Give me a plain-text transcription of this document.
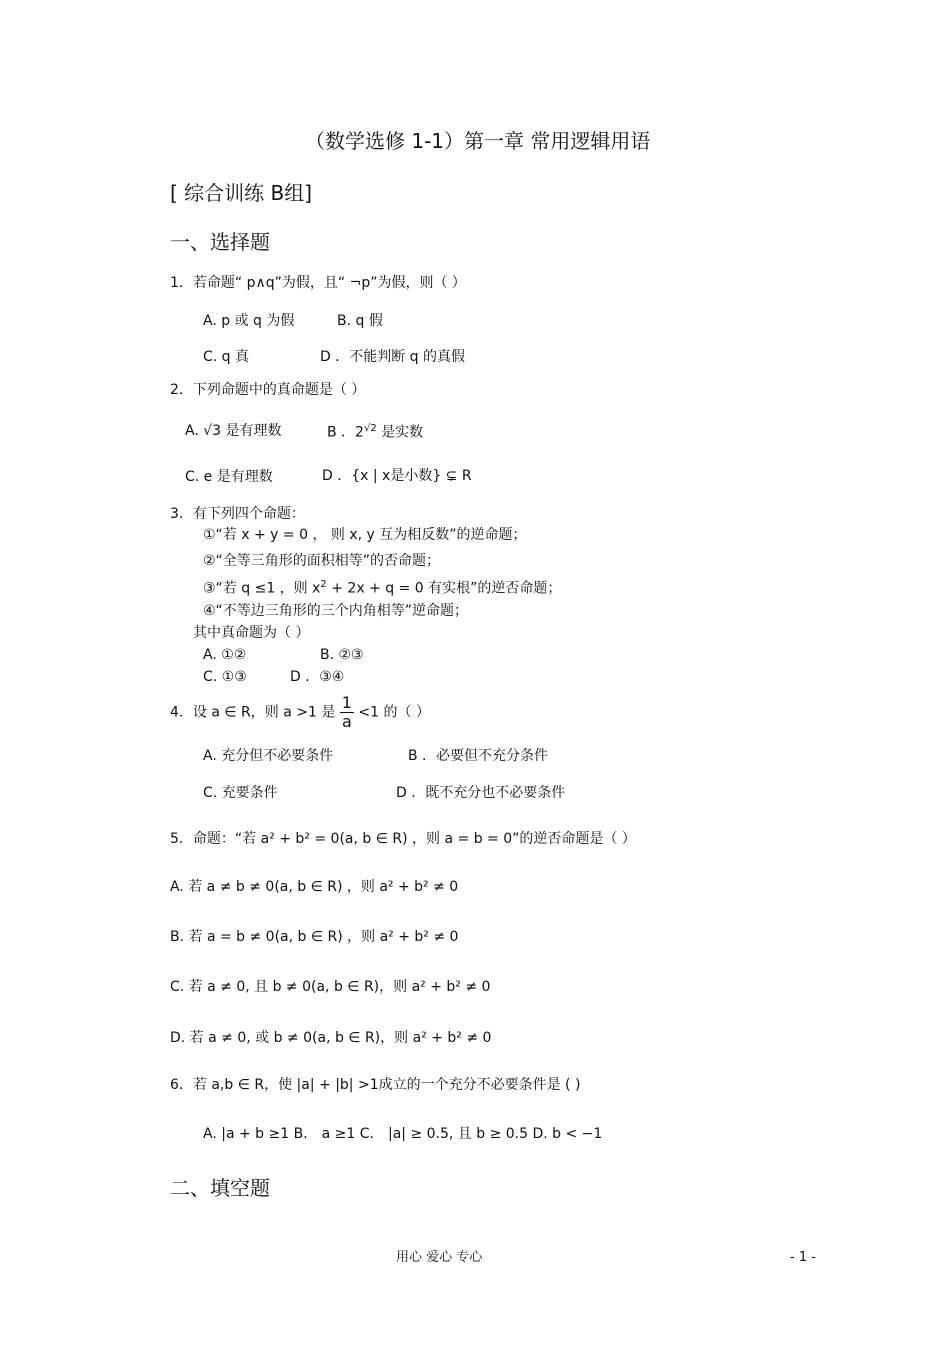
（数学选修 1-1）第一章 常用逻辑用语
[ 综合训练 B组]
一、选择题
1．若命题“ p∧q”为假，且“ ¬p”为假，则（ ）
A. p 或 q 为假	B. q 假
C. q 真	D ．不能判断 q 的真假
2．下列命题中的真命题是（ ）
A. √3 是有理数	B ．$2^{√2}$ 是实数
C. e 是有理数	D ．{x | x是小数} ⊊ R
3．有下列四个命题：
①“若 x + y = 0 ， 则 x, y 互为相反数”的逆命题；
②“全等三角形的面积相等”的否命题；
③“若 q ≤1 ，则 $x^2 + 2x + q = 0$ 有实根”的逆否命题；
④“不等边三角形的三个内角相等”逆命题；
其中真命题为（ ）
A. ①②	B. ②③
C. ①③	D ．③④
4．设 a ∈ R，则 a >1 是 $\frac{1}{a} <1$ 的（ ）
A. 充分但不必要条件	B ．必要但不充分条件
C. 充要条件	D ．既不充分也不必要条件
5．命题：“若 a² + b² = 0(a, b ∈ R) ，则 a = b = 0”的逆否命题是（ ）
A. 若 a ≠ b ≠ 0(a, b ∈ R) ，则 a² + b² ≠ 0
B. 若 a = b ≠ 0(a, b ∈ R) ，则 a² + b² ≠ 0
C. 若 a ≠ 0, 且 b ≠ 0(a, b ∈ R)，则 a² + b² ≠ 0
D. 若 a ≠ 0, 或 b ≠ 0(a, b ∈ R)，则 a² + b² ≠ 0
6．若 a,b ∈ R，使 |a| + |b| >1成立的一个充分不必要条件是 ( )
A. |a + b ≥1 B． a ≥1 C． |a| ≥ 0.5, 且 b ≥ 0.5 D. b < −1
二、填空题
用心 爱心 专心	- 1 -
